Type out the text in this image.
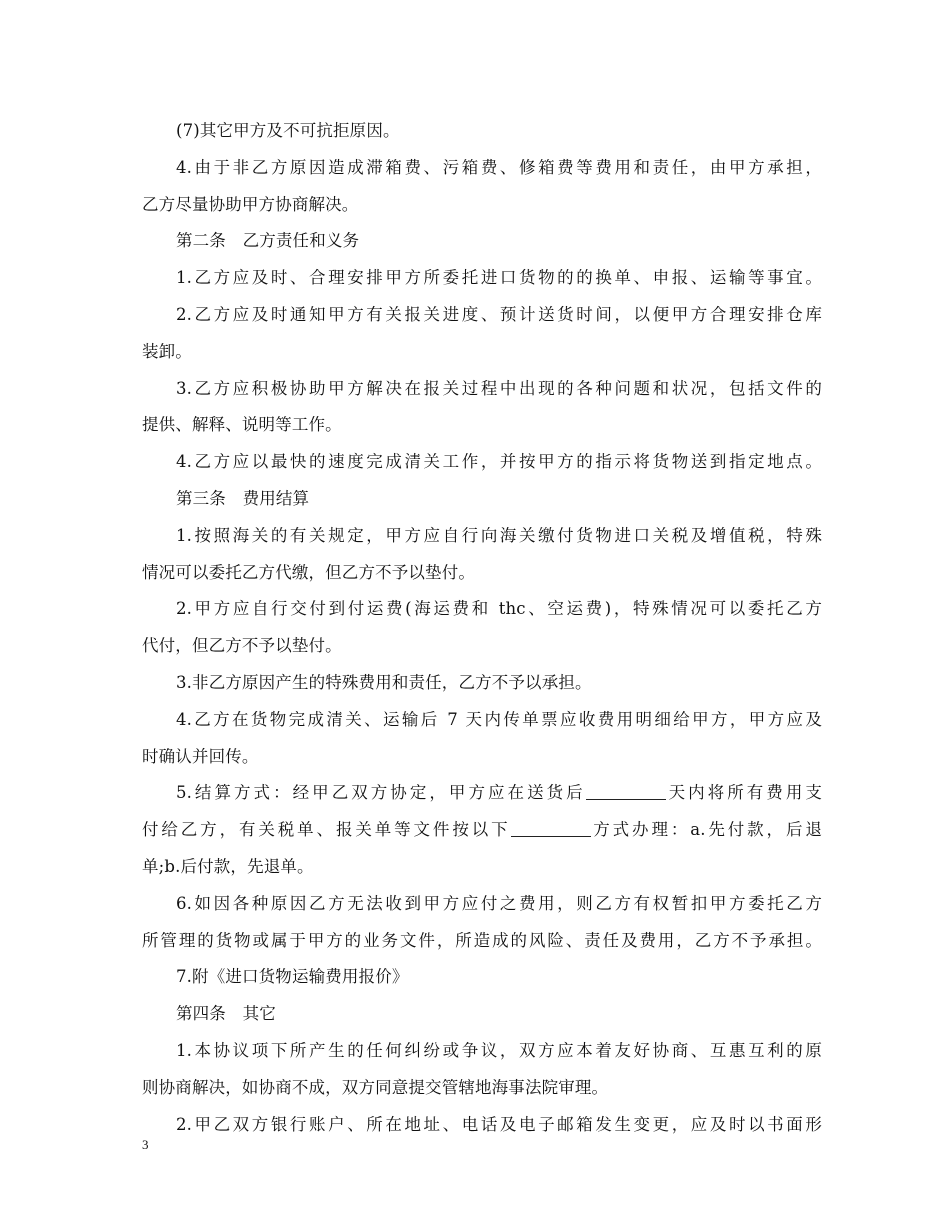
(7)其它甲方及不可抗拒原因。
4.由于非乙方原因造成滞箱费、污箱费、修箱费等费用和责任，由甲方承担，
乙方尽量协助甲方协商解决。
第二条　乙方责任和义务
1.乙方应及时、合理安排甲方所委托进口货物的的换单、申报、运输等事宜。
2.乙方应及时通知甲方有关报关进度、预计送货时间，以便甲方合理安排仓库
装卸。
3.乙方应积极协助甲方解决在报关过程中出现的各种问题和状况，包括文件的
提供、解释、说明等工作。
4.乙方应以最快的速度完成清关工作，并按甲方的指示将货物送到指定地点。
第三条　费用结算
1.按照海关的有关规定，甲方应自行向海关缴付货物进口关税及增值税，特殊
情况可以委托乙方代缴，但乙方不予以垫付。
2.甲方应自行交付到付运费(海运费和 thc、空运费)，特殊情况可以委托乙方
代付，但乙方不予以垫付。
3.非乙方原因产生的特殊费用和责任，乙方不予以承担。
4.乙方在货物完成清关、运输后 7 天内传单票应收费用明细给甲方，甲方应及
时确认并回传。
5.结算方式：经甲乙双方协定，甲方应在送货后	天内将所有费用支
付给乙方，有关税单、报关单等文件按以下	方式办理：a.先付款，后退
单;b.后付款，先退单。
6.如因各种原因乙方无法收到甲方应付之费用，则乙方有权暂扣甲方委托乙方
所管理的货物或属于甲方的业务文件，所造成的风险、责任及费用，乙方不予承担。
7.附《进口货物运输费用报价》
第四条　其它
1.本协议项下所产生的任何纠纷或争议，双方应本着友好协商、互惠互利的原
则协商解决，如协商不成，双方同意提交管辖地海事法院审理。
2.甲乙双方银行账户、所在地址、电话及电子邮箱发生变更，应及时以书面形
3
